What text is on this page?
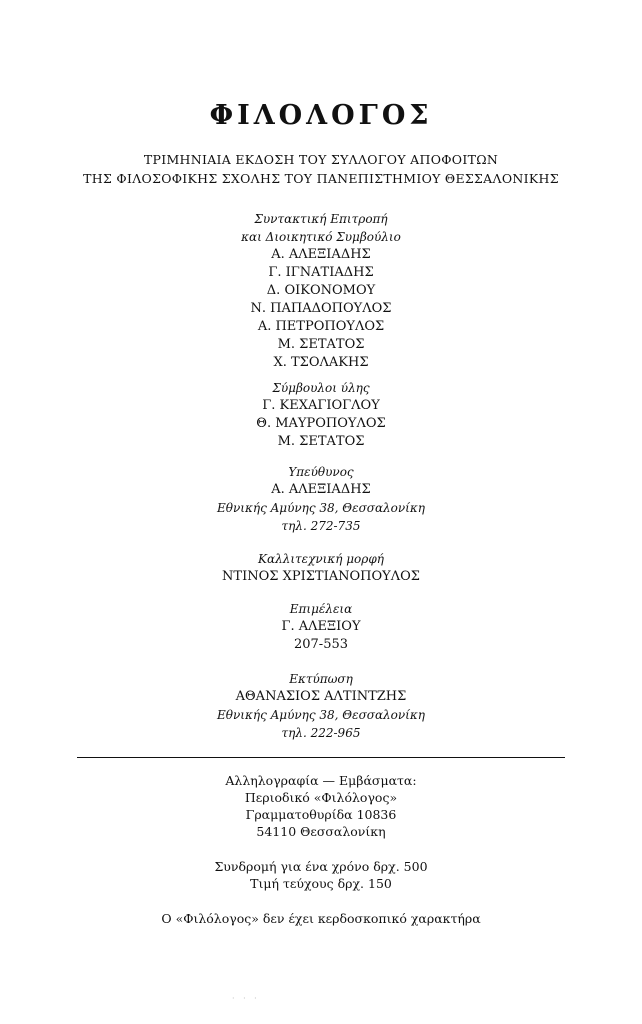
ΦΙΛΟΛΟΓΟΣ
ΤΡΙΜΗΝΙΑΙΑ ΕΚΔΟΣΗ ΤΟΥ ΣΥΛΛΟΓΟΥ ΑΠΟΦΟΙΤΩΝ
ΤΗΣ ΦΙΛΟΣΟΦΙΚΗΣ ΣΧΟΛΗΣ ΤΟΥ ΠΑΝΕΠΙΣΤΗΜΙΟΥ ΘΕΣΣΑΛΟΝΙΚΗΣ
Συντακτική Επιτροπή
και Διοικητικό Συμβούλιο
Α. ΑΛΕΞΙΑΔΗΣ
Γ. ΙΓΝΑΤΙΑΔΗΣ
Δ. ΟΙΚΟΝΟΜΟΥ
Ν. ΠΑΠΑΔΟΠΟΥΛΟΣ
Α. ΠΕΤΡΟΠΟΥΛΟΣ
Μ. ΣΕΤΑΤΟΣ
Χ. ΤΣΟΛΑΚΗΣ
Σύμβουλοι ύλης
Γ. ΚΕΧΑΓΙΟΓΛΟΥ
Θ. ΜΑΥΡΟΠΟΥΛΟΣ
Μ. ΣΕΤΑΤΟΣ
Υπεύθυνος
Α. ΑΛΕΞΙΑΔΗΣ
Εθνικής Αμύνης 38, Θεσσαλονίκη
τηλ. 272-735
Καλλιτεχνική μορφή
ΝΤΙΝΟΣ ΧΡΙΣΤΙΑΝΟΠΟΥΛΟΣ
Επιμέλεια
Γ. ΑΛΕΞΙΟΥ
207-553
Εκτύπωση
ΑΘΑΝΑΣΙΟΣ ΑΛΤΙΝΤΖΗΣ
Εθνικής Αμύνης 38, Θεσσαλονίκη
τηλ. 222-965
Αλληλογραφία — Εμβάσματα:
Περιοδικό «Φιλόλογος»
Γραμματοθυρίδα 10836
54110 Θεσσαλονίκη
Συνδρομή για ένα χρόνο δρχ. 500
Τιμή τεύχους δρχ. 150
Ο «Φιλόλογος» δεν έχει κερδοσκοπικό χαρακτήρα
· · ·
